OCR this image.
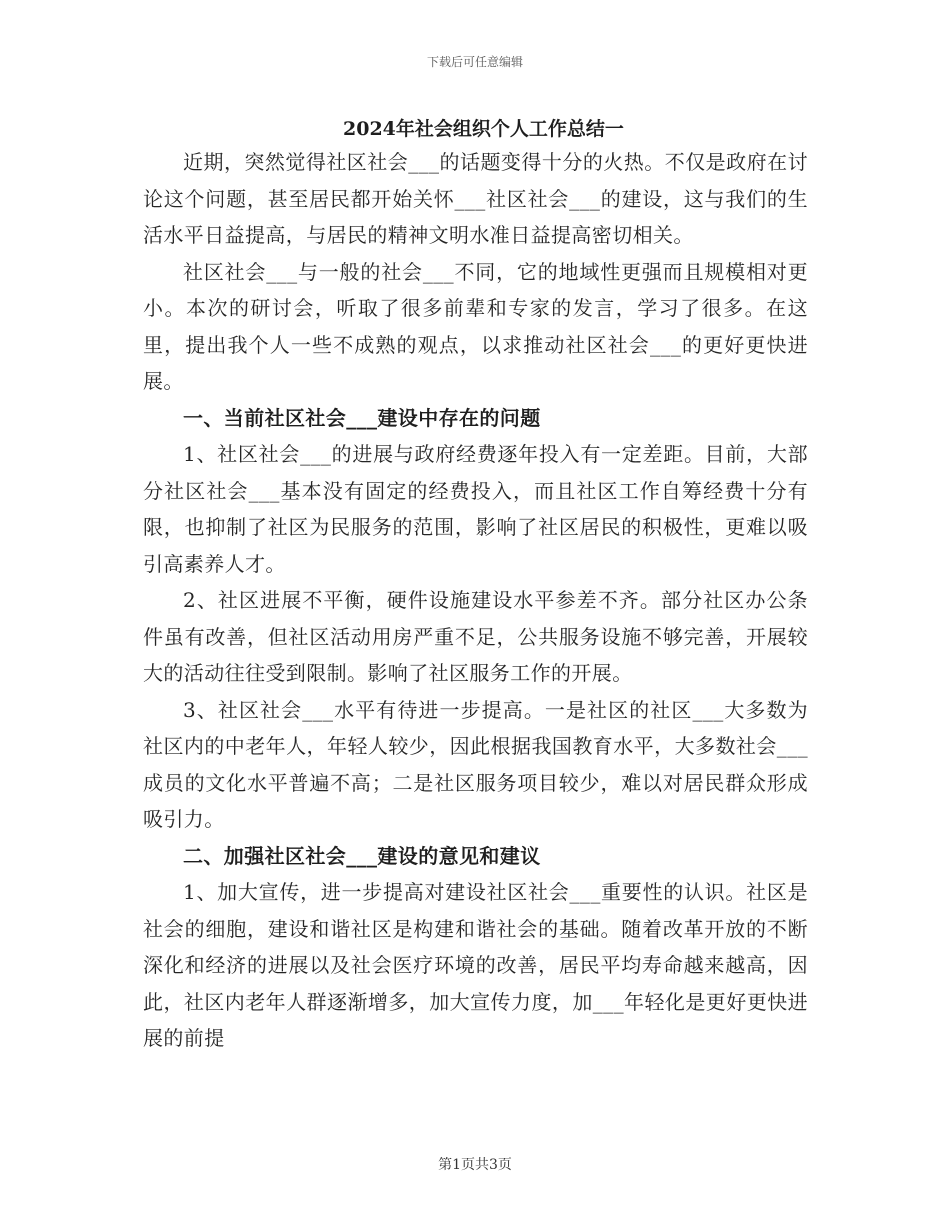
下载后可任意编辑
2024年社会组织个人工作总结一

近期，突然觉得社区社会___的话题变得十分的火热。不仅是政府在讨论这个问题，甚至居民都开始关怀___社区社会___的建设，这与我们的生活水平日益提高，与居民的精神文明水准日益提高密切相关。

社区社会___与一般的社会___不同，它的地域性更强而且规模相对更小。本次的研讨会，听取了很多前辈和专家的发言，学习了很多。在这里，提出我个人一些不成熟的观点，以求推动社区社会___的更好更快进展。

一、当前社区社会___建设中存在的问题

1、社区社会___的进展与政府经费逐年投入有一定差距。目前，大部分社区社会___基本没有固定的经费投入，而且社区工作自筹经费十分有限，也抑制了社区为民服务的范围，影响了社区居民的积极性，更难以吸引高素养人才。

2、社区进展不平衡，硬件设施建设水平参差不齐。部分社区办公条件虽有改善，但社区活动用房严重不足，公共服务设施不够完善，开展较大的活动往往受到限制。影响了社区服务工作的开展。

3、社区社会___水平有待进一步提高。一是社区的社区___大多数为社区内的中老年人，年轻人较少，因此根据我国教育水平，大多数社会___成员的文化水平普遍不高；二是社区服务项目较少，难以对居民群众形成吸引力。

二、加强社区社会___建设的意见和建议

1、加大宣传，进一步提高对建设社区社会___重要性的认识。社区是社会的细胞，建设和谐社区是构建和谐社会的基础。随着改革开放的不断深化和经济的进展以及社会医疗环境的改善，居民平均寿命越来越高，因此，社区内老年人群逐渐增多，加大宣传力度，加___年轻化是更好更快进展的前提

第1页共3页
